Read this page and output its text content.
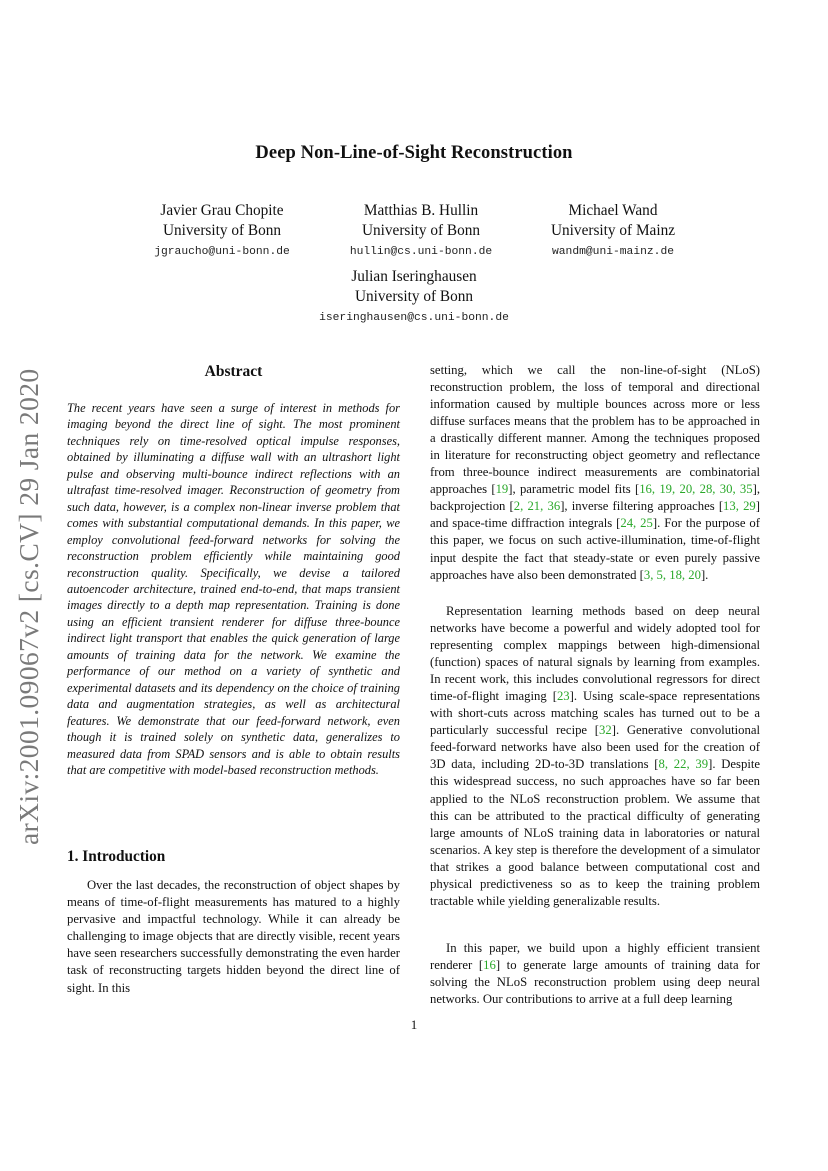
Deep Non-Line-of-Sight Reconstruction
Javier Grau Chopite
University of Bonn
jgraucho@uni-bonn.de
Matthias B. Hullin
University of Bonn
hullin@cs.uni-bonn.de
Michael Wand
University of Mainz
wandm@uni-mainz.de
Julian Iseringhausen
University of Bonn
iseringhausen@cs.uni-bonn.de
arXiv:2001.09067v2 [cs.CV] 29 Jan 2020	Abstract
The recent years have seen a surge of interest in methods for imaging beyond the direct line of sight. The most prominent techniques rely on time-resolved optical impulse responses, obtained by illuminating a diffuse wall with an ultrashort light pulse and observing multi-bounce indirect reflections with an ultrafast time-resolved imager. Reconstruction of geometry from such data, however, is a complex non-linear inverse problem that comes with substantial computational demands. In this paper, we employ convolutional feed-forward networks for solving the reconstruction problem efficiently while maintaining good reconstruction quality. Specifically, we devise a tailored autoencoder architecture, trained end-to-end, that maps transient images directly to a depth map representation. Training is done using an efficient transient renderer for diffuse three-bounce indirect light transport that enables the quick generation of large amounts of training data for the network. We examine the performance of our method on a variety of synthetic and experimental datasets and its dependency on the choice of training data and augmentation strategies, as well as architectural features. We demonstrate that our feed-forward network, even though it is trained solely on synthetic data, generalizes to measured data from SPAD sensors and is able to obtain results that are competitive with model-based reconstruction methods.
1. Introduction
Over the last decades, the reconstruction of object shapes by means of time-of-flight measurements has matured to a highly pervasive and impactful technology. While it can already be challenging to image objects that are directly visible, recent years have seen researchers successfully demonstrating the even harder task of reconstructing targets hidden beyond the direct line of sight. In this
setting, which we call the non-line-of-sight (NLoS) reconstruction problem, the loss of temporal and directional information caused by multiple bounces across more or less diffuse surfaces means that the problem has to be approached in a drastically different manner. Among the techniques proposed in literature for reconstructing object geometry and reflectance from three-bounce indirect measurements are combinatorial approaches [19], parametric model fits [16, 19, 20, 28, 30, 35], backprojection [2, 21, 36], inverse filtering approaches [13, 29] and space-time diffraction integrals [24, 25]. For the purpose of this paper, we focus on such active-illumination, time-of-flight input despite the fact that steady-state or even purely passive approaches have also been demonstrated [3, 5, 18, 20].
Representation learning methods based on deep neural networks have become a powerful and widely adopted tool for representing complex mappings between high-dimensional (function) spaces of natural signals by learning from examples. In recent work, this includes convolutional regressors for direct time-of-flight imaging [23]. Using scale-space representations with short-cuts across matching scales has turned out to be a particularly successful recipe [32]. Generative convolutional feed-forward networks have also been used for the creation of 3D data, including 2D-to-3D translations [8, 22, 39]. Despite this widespread success, no such approaches have so far been applied to the NLoS reconstruction problem. We assume that this can be attributed to the practical difficulty of generating large amounts of NLoS training data in laboratories or natural scenarios. A key step is therefore the development of a simulator that strikes a good balance between computational cost and physical predictiveness so as to keep the training problem tractable while yielding generalizable results.
In this paper, we build upon a highly efficient transient renderer [16] to generate large amounts of training data for solving the NLoS reconstruction problem using deep neural networks. Our contributions to arrive at a full deep learning
1
